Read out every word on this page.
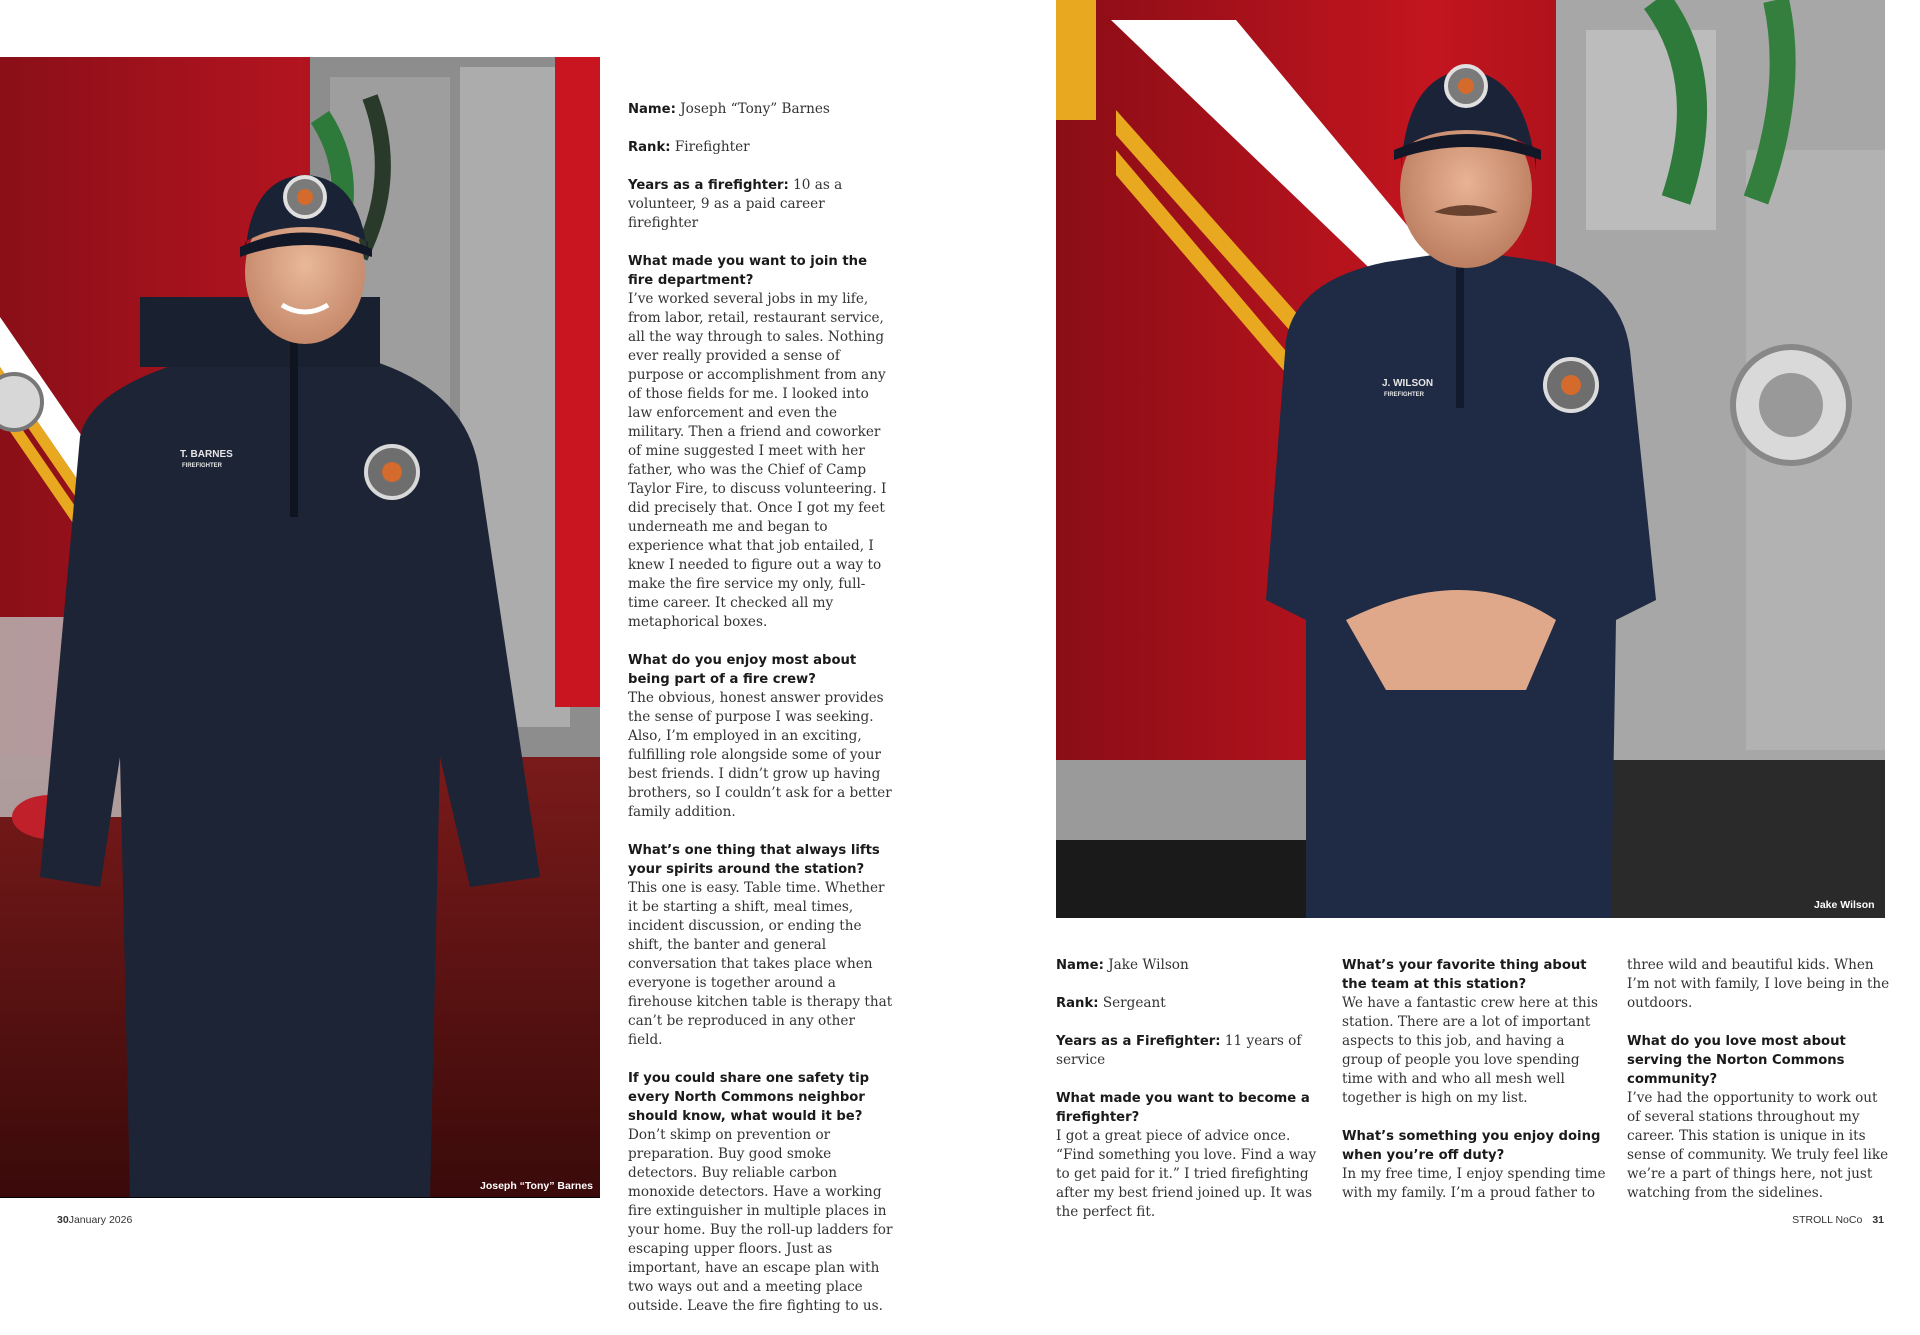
T. BARNES
FIREFIGHTER
Joseph “Tony” Barnes
J. WILSON
FIREFIGHTER
Jake Wilson

Name: Joseph “Tony” Barnes

Rank: Firefighter

Years as a firefighter: 10 as a volunteer, 9 as a paid career firefighter

What made you want to join the fire department?
I’ve worked several jobs in my life, from labor, retail, restaurant service, all the way through to sales. Nothing ever really provided a sense of purpose or accomplishment from any of those fields for me. I looked into law enforcement and even the military. Then a friend and coworker of mine suggested I meet with her father, who was the Chief of Camp Taylor Fire, to discuss volunteering. I did precisely that. Once I got my feet underneath me and began to experience what that job entailed, I knew I needed to figure out a way to make the fire service my only, full-time career. It checked all my metaphorical boxes.

What do you enjoy most about being part of a fire crew?
The obvious, honest answer provides the sense of purpose I was seeking. Also, I’m employed in an exciting, fulfilling role alongside some of your best friends. I didn’t grow up having brothers, so I couldn’t ask for a better family addition.

What’s one thing that always lifts your spirits around the station?
This one is easy. Table time. Whether it be starting a shift, meal times, incident discussion, or ending the shift, the banter and general conversation that takes place when everyone is together around a firehouse kitchen table is therapy that can’t be reproduced in any other field.

If you could share one safety tip every North Commons neighbor should know, what would it be?
Don’t skimp on prevention or preparation. Buy good smoke detectors. Buy reliable carbon monoxide detectors. Have a working fire extinguisher in multiple places in your home. Buy the roll-up ladders for escaping upper floors. Just as important, have an escape plan with two ways out and a meeting place outside. Leave the fire fighting to us.

Name: Jake Wilson

Rank: Sergeant

Years as a Firefighter: 11 years of service

What made you want to become a firefighter?
I got a great piece of advice once. “Find something you love. Find a way to get paid for it.” I tried firefighting after my best friend joined up. It was the perfect fit.

What’s your favorite thing about the team at this station?
We have a fantastic crew here at this station. There are a lot of important aspects to this job, and having a group of people you love spending time with and who all mesh well together is high on my list.

What’s something you enjoy doing when you’re off duty?
In my free time, I enjoy spending time with my family. I’m a proud father to

three wild and beautiful kids. When I’m not with family, I love being in the outdoors.

What do you love most about serving the Norton Commons community?
I’ve had the opportunity to work out of several stations throughout my career. This station is unique in its sense of community. We truly feel like we’re a part of things here, not just watching from the sidelines.

30January 2026	STROLL NoCo 31
